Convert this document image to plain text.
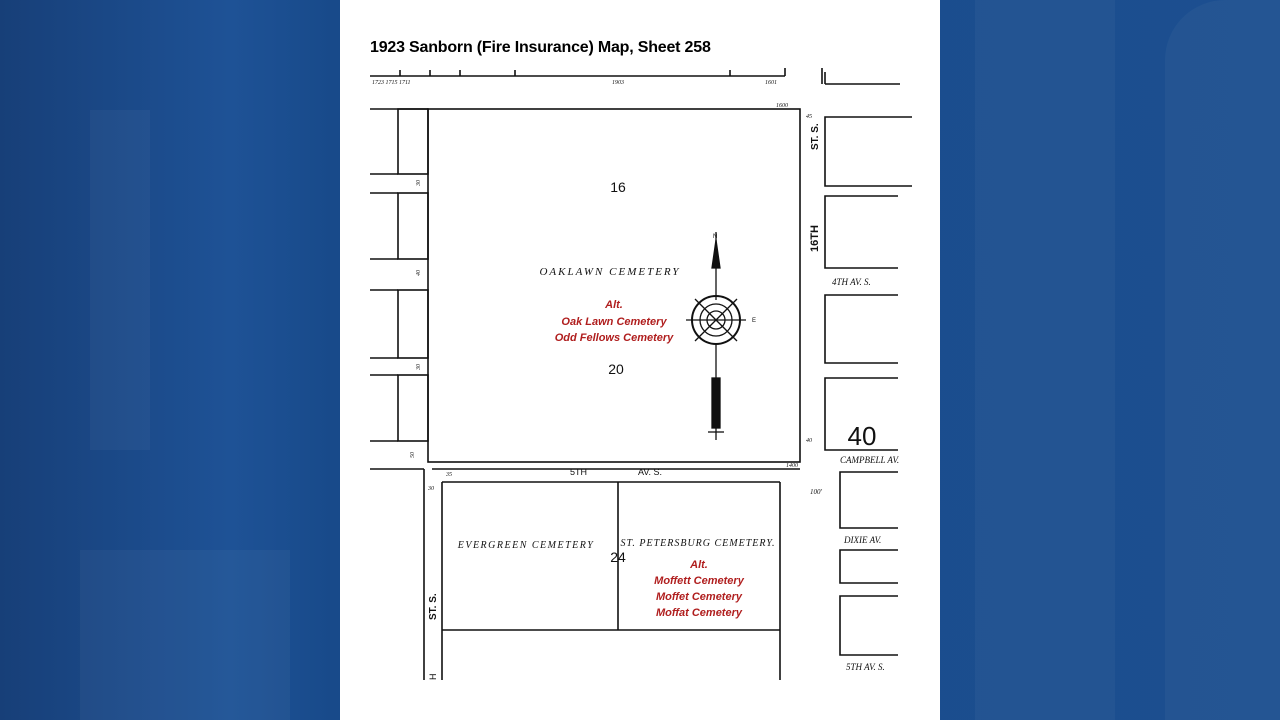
1923 Sanborn (Fire Insurance) Map, Sheet 258
16
20
24
40
OAKLAWN CEMETERY
Alt.
Oak Lawn Cemetery
Odd Fellows Cemetery
EVERGREEN CEMETERY	ST. PETERSBURG CEMETERY.
Alt.
Moffett Cemetery
Moffet Cemetery
Moffat Cemetery
5TH	AV. S.
ST. S.
16TH
ST. S.
H
4TH AV. S.
CAMPBELL AV.
DIXIE AV.
5TH AV. S.
1723 1715 1711	1903	1601
1600
45
30
40
30
50
40
35
1400
30	100'
N
E
